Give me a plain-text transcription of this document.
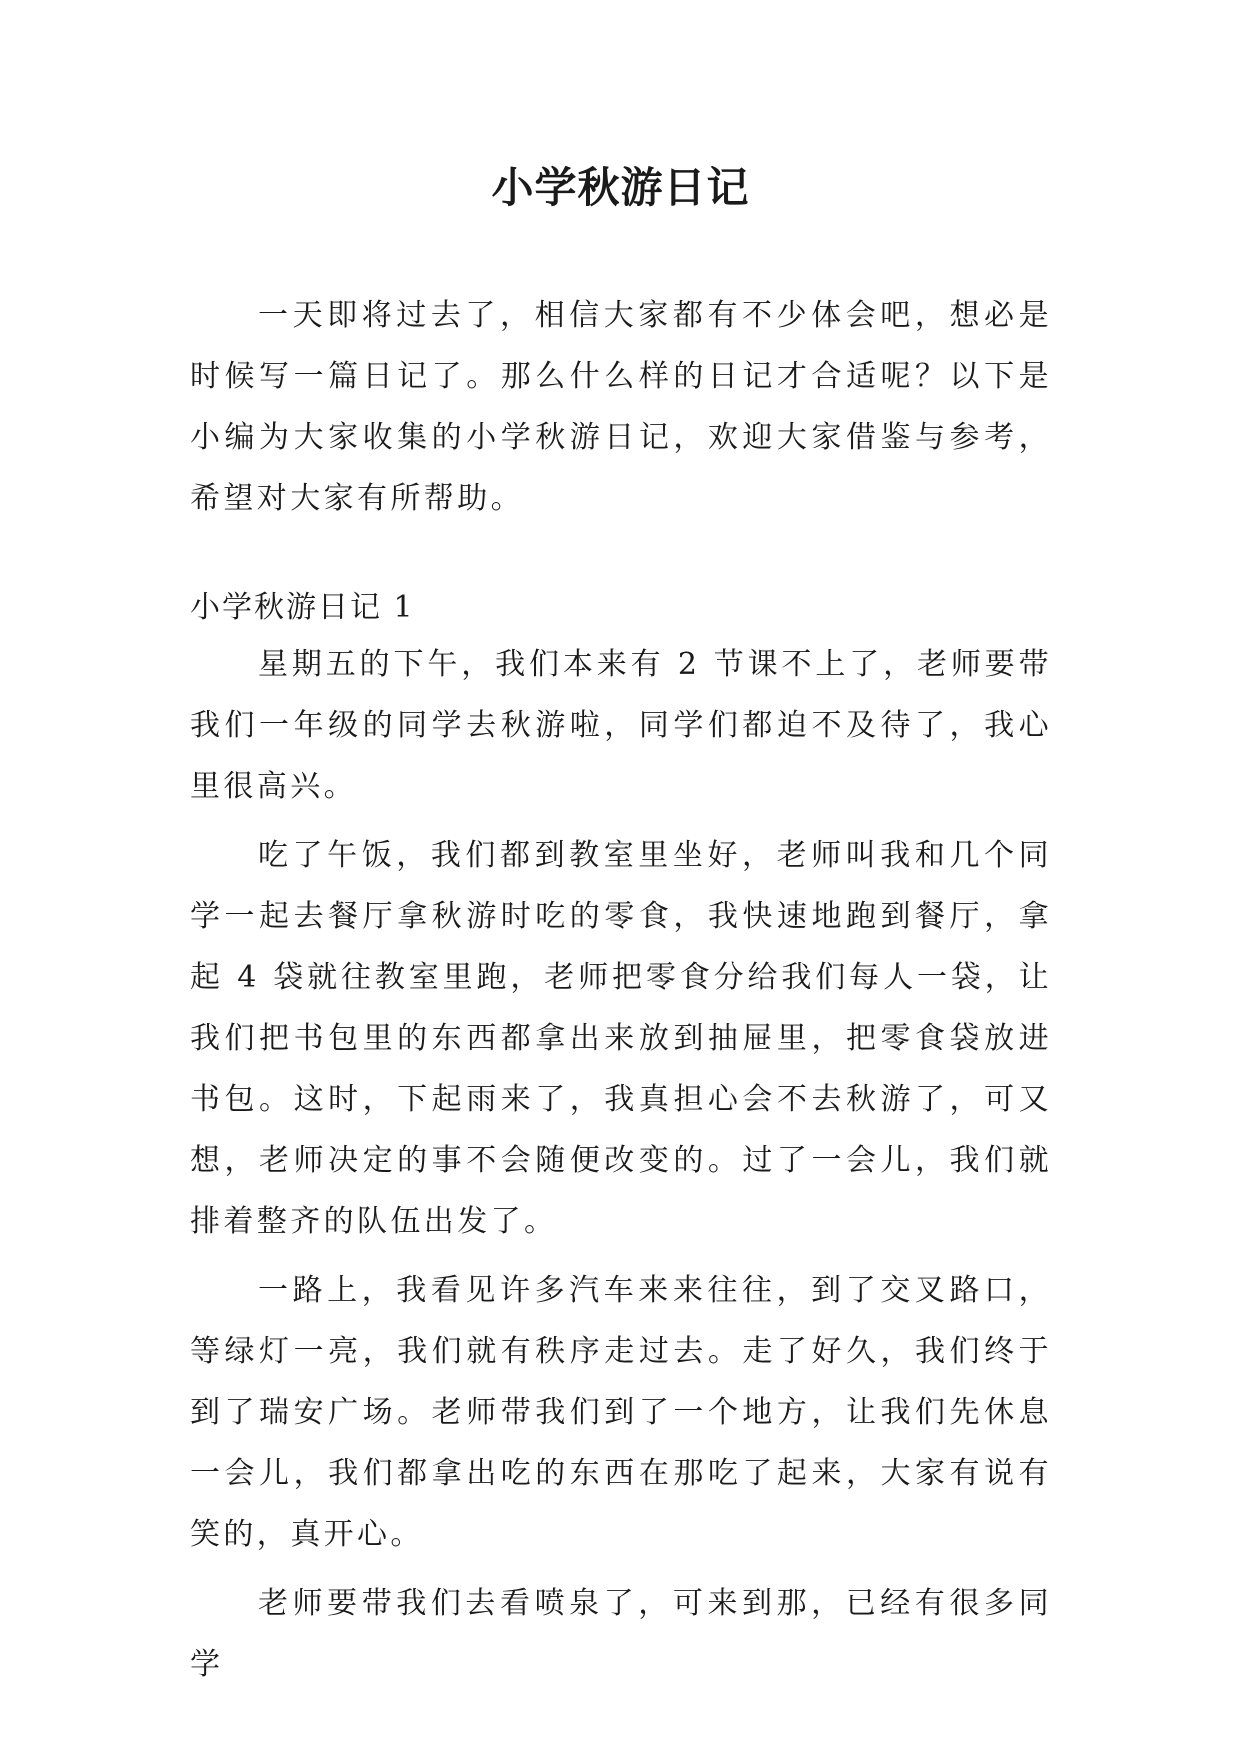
小学秋游日记

一天即将过去了，相信大家都有不少体会吧，想必是时候写一篇日记了。那么什么样的日记才合适呢？以下是小编为大家收集的小学秋游日记，欢迎大家借鉴与参考，希望对大家有所帮助。

小学秋游日记 1

星期五的下午，我们本来有 2 节课不上了，老师要带我们一年级的同学去秋游啦，同学们都迫不及待了，我心里很高兴。

吃了午饭，我们都到教室里坐好，老师叫我和几个同学一起去餐厅拿秋游时吃的零食，我快速地跑到餐厅，拿起 4 袋就往教室里跑，老师把零食分给我们每人一袋，让我们把书包里的东西都拿出来放到抽屉里，把零食袋放进书包。这时，下起雨来了，我真担心会不去秋游了，可又想，老师决定的事不会随便改变的。过了一会儿，我们就排着整齐的队伍出发了。

一路上，我看见许多汽车来来往往，到了交叉路口，等绿灯一亮，我们就有秩序走过去。走了好久，我们终于到了瑞安广场。老师带我们到了一个地方，让我们先休息一会儿，我们都拿出吃的东西在那吃了起来，大家有说有笑的，真开心。

老师要带我们去看喷泉了，可来到那，已经有很多同学
